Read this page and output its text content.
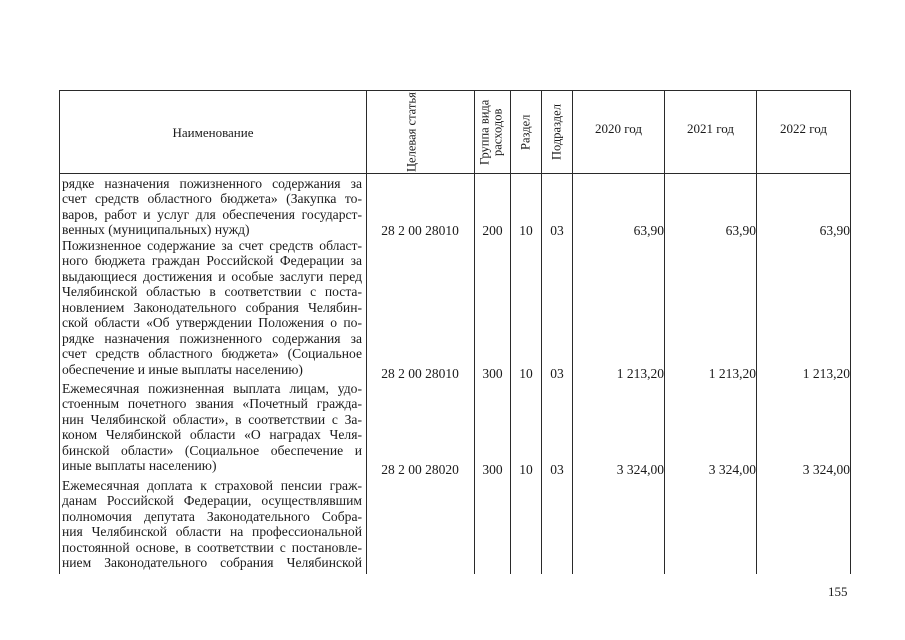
Наименование	Целевая статья	Группа вида расходов	Раздел	Подраздел	2020 год	2021 год	2022 год
рядке назначения пожизненного содержания за
счет средств областного бюджета» (Закупка то-
варов, работ и услуг для обеспечения государст-
венных (муниципальных) нужд)	28 2 00 28010	200	10	03	63,90	63,90	63,90
Пожизненное содержание за счет средств област-
ного бюджета граждан Российской Федерации за
выдающиеся достижения и особые заслуги перед
Челябинской областью в соответствии с поста-
новлением Законодательного собрания Челябин-
ской области «Об утверждении Положения о по-
рядке назначения пожизненного содержания за
счет средств областного бюджета» (Социальное
обеспечение и иные выплаты населению)	28 2 00 28010	300	10	03	1 213,20	1 213,20	1 213,20
Ежемесячная пожизненная выплата лицам, удо-
стоенным почетного звания «Почетный гражда-
нин Челябинской области», в соответствии с За-
коном Челябинской области «О наградах Челя-
бинской области» (Социальное обеспечение и
иные выплаты населению)	28 2 00 28020	300	10	03	3 324,00	3 324,00	3 324,00
Ежемесячная доплата к страховой пенсии граж-
данам Российской Федерации, осуществлявшим
полномочия депутата Законодательного Собра-
ния Челябинской области на профессиональной
постоянной основе, в соответствии с постановле-
нием Законодательного собрания Челябинской
155
